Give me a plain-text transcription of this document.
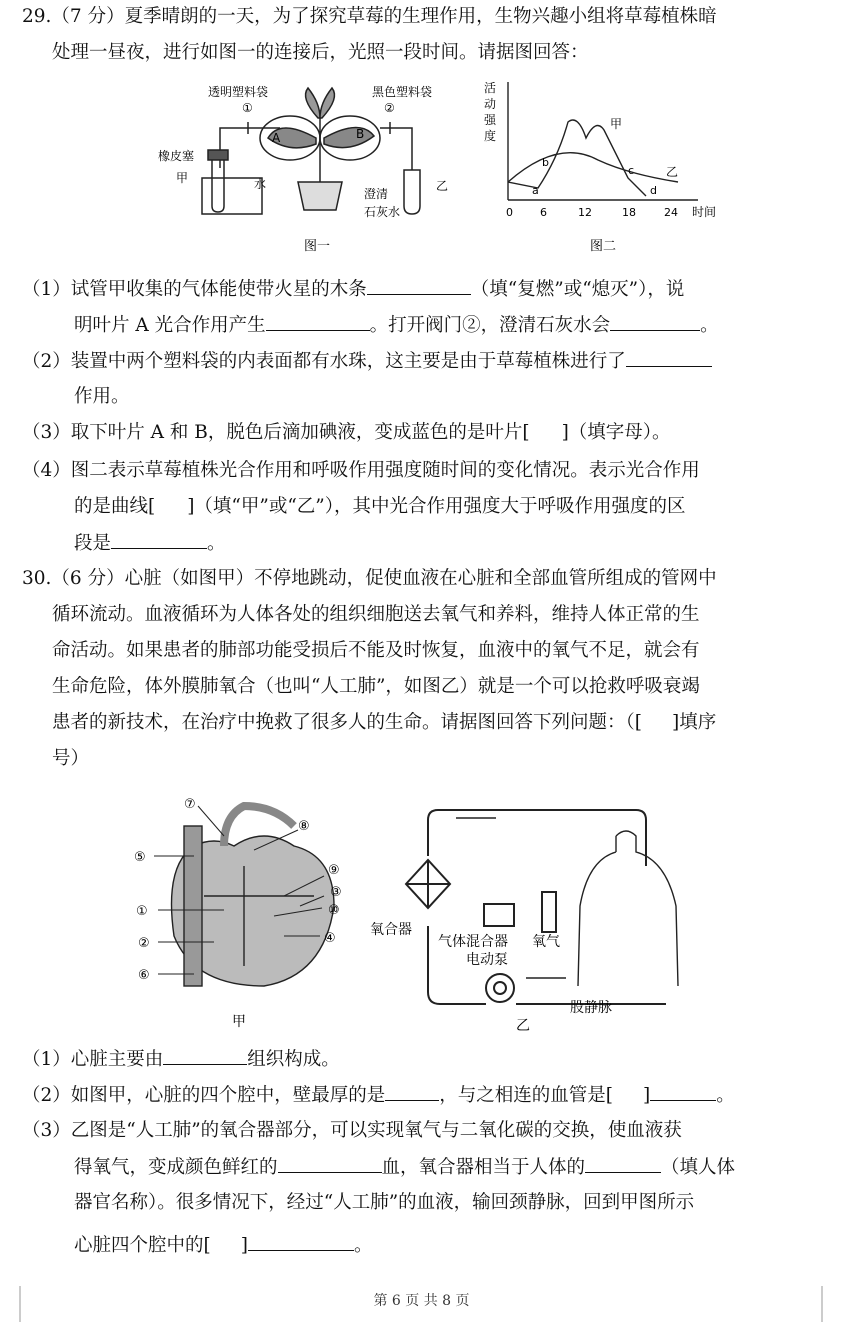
29.（7 分）夏季晴朗的一天，为了探究草莓的生理作用，生物兴趣小组将草莓植株暗
处理一昼夜，进行如图一的连接后，光照一段时间。请据图回答：
透明塑料袋	黑色塑料袋
①	②
A	B
橡皮塞
甲	水	乙
澄清
石灰水
图一
活
动
强
度
0 6	12	18	24 时间
a
b
c
d
甲
乙
图二
（1）试管甲收集的气体能使带火星的木条	（填“复燃”或“熄灭”），说
明叶片 A 光合作用产生	。打开阀门②，澄清石灰水会	。
（2）装置中两个塑料袋的内表面都有水珠，这主要是由于草莓植株进行了
作用。
（3）取下叶片 A 和 B，脱色后滴加碘液，变成蓝色的是叶片[ ]（填字母）。
（4）图二表示草莓植株光合作用和呼吸作用强度随时间的变化情况。表示光合作用
的是曲线[ ]（填“甲”或“乙”），其中光合作用强度大于呼吸作用强度的区
段是	。
30.（6 分）心脏（如图甲）不停地跳动，促使血液在心脏和全部血管所组成的管网中
循环流动。血液循环为人体各处的组织细胞送去氧气和养料，维持人体正常的生
命活动。如果患者的肺部功能受损后不能及时恢复，血液中的氧气不足，就会有
生命危险，体外膜肺氧合（也叫“人工肺”，如图乙）就是一个可以抢救呼吸衰竭
患者的新技术，在治疗中挽救了很多人的生命。请据图回答下列问题：（[ ]填序
号）
⑤
①
②
⑥
⑦
⑧
⑨
③
⑩
④
甲
氧合器
气体混合器 氧气
电动泵
股静脉
乙
（1）心脏主要由	组织构成。
（2）如图甲，心脏的四个腔中，壁最厚的是	，与之相连的血管是[ ]	。
（3）乙图是“人工肺”的氧合器部分，可以实现氧气与二氧化碳的交换，使血液获
得氧气，变成颜色鲜红的	血，氧合器相当于人体的	（填人体
器官名称）。很多情况下，经过“人工肺”的血液，输回颈静脉，回到甲图所示
心脏四个腔中的[ ]	。
第 6 页 共 8 页
